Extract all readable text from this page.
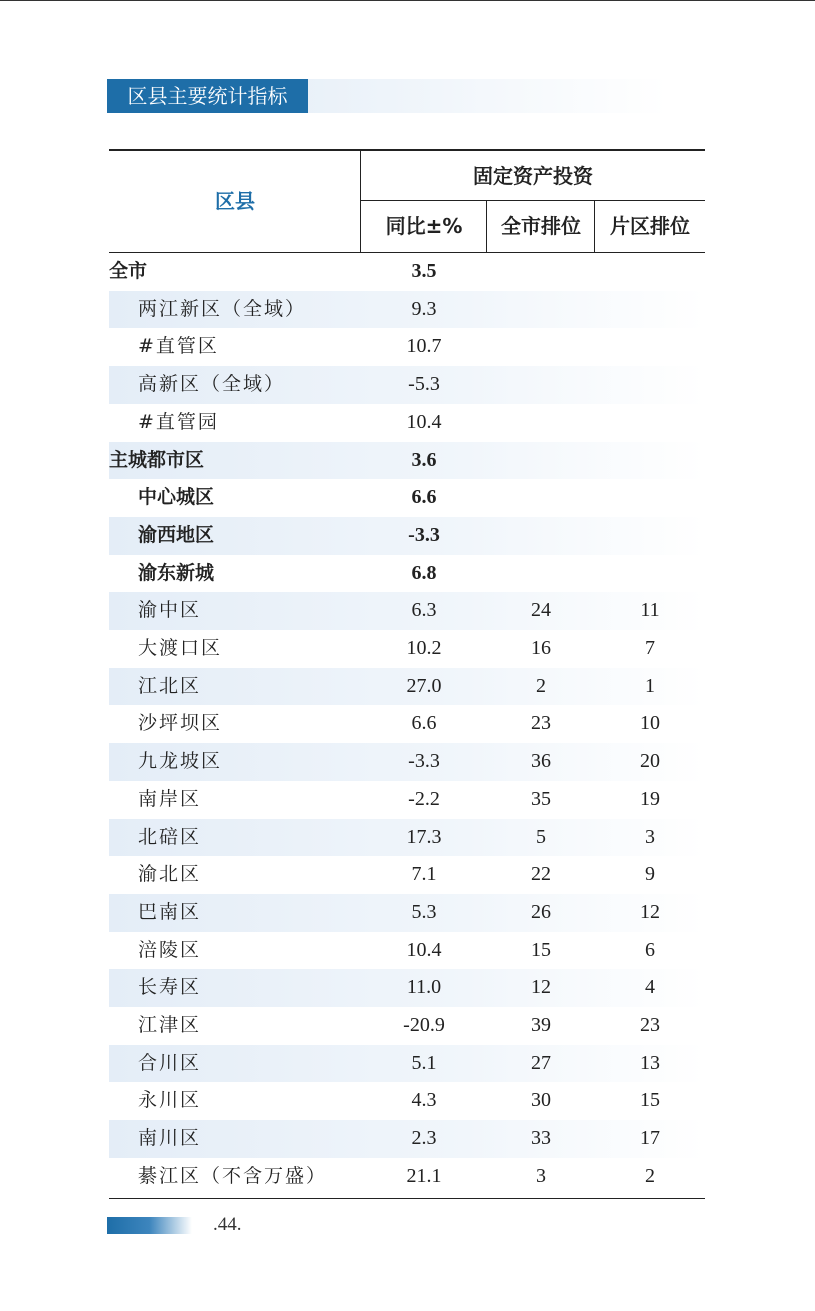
区县主要统计指标
区县
固定资产投资
同比±%	全市排位	片区排位
全市	3.5
两江新区（全域）	9.3
#直管区	10.7
高新区（全域）	-5.3
#直管园	10.4
主城都市区	3.6
中心城区	6.6
渝西地区	-3.3
渝东新城	6.8
渝中区	6.3	24	11
大渡口区	10.2	16	7
江北区	27.0	2	1
沙坪坝区	6.6	23	10
九龙坡区	-3.3	36	20
南岸区	-2.2	35	19
北碚区	17.3	5	3
渝北区	7.1	22	9
巴南区	5.3	26	12
涪陵区	10.4	15	6
长寿区	11.0	12	4
江津区	-20.9	39	23
合川区	5.1	27	13
永川区	4.3	30	15
南川区	2.3	33	17
綦江区（不含万盛）	21.1	3	2
.44.
